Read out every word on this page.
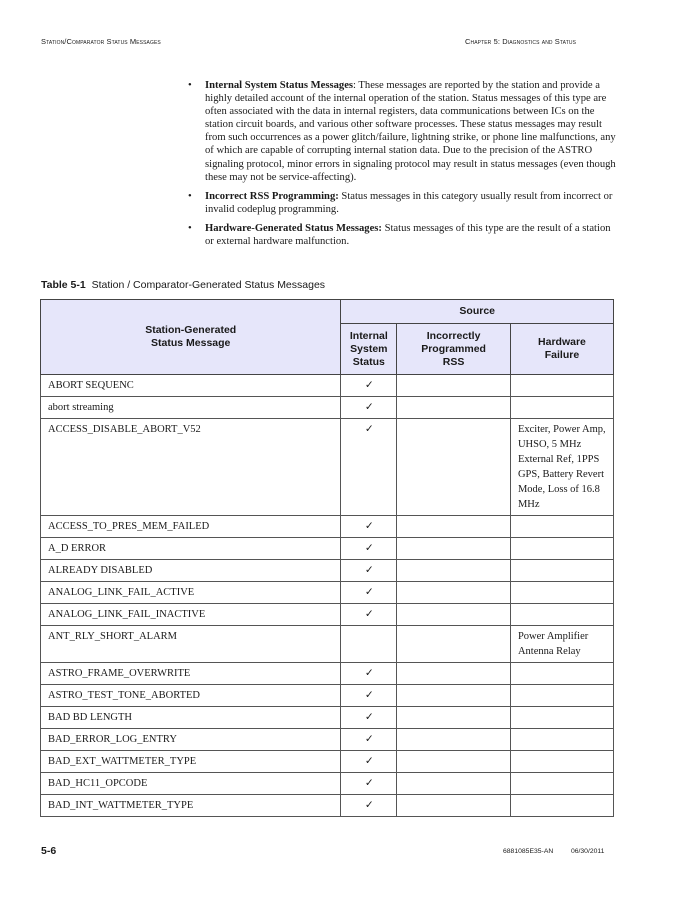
Station/Comparator Status Messages	Chapter 5: Diagnostics and Status
• Internal System Status Messages: These messages are reported by the station and provide a highly detailed account of the internal operation of the station. Status messages of this type are often associated with the data in internal registers, data communications between ICs on the station circuit boards, and various other software processes. These status messages may result from such occurrences as a power glitch/failure, lightning strike, or phone line malfunctions, any of which are capable of corrupting internal station data. Due to the precision of the ASTRO signaling protocol, minor errors in signaling protocol may result in status messages (even though these may not be service-affecting).
• Incorrect RSS Programming: Status messages in this category usually result from incorrect or invalid codeplug programming.
• Hardware-Generated Status Messages: Status messages of this type are the result of a station or external hardware malfunction.
Table 5-1 Station / Comparator-Generated Status Messages
Station-Generated Status Message	Source		
	Internal System Status	Incorrectly Programmed RSS	Hardware Failure
ABORT SEQUENC	✓		
abort streaming	✓		
ACCESS_DISABLE_ABORT_V52	✓		Exciter, Power Amp, UHSO, 5 MHz External Ref, 1PPS GPS, Battery Revert Mode, Loss of 16.8 MHz
ACCESS_TO_PRES_MEM_FAILED	✓		
A_D ERROR	✓		
ALREADY DISABLED	✓		
ANALOG_LINK_FAIL_ACTIVE	✓		
ANALOG_LINK_FAIL_INACTIVE	✓		
ANT_RLY_SHORT_ALARM			Power Amplifier Antenna Relay
ASTRO_FRAME_OVERWRITE	✓		
ASTRO_TEST_TONE_ABORTED	✓		
BAD BD LENGTH	✓		
BAD_ERROR_LOG_ENTRY	✓		
BAD_EXT_WATTMETER_TYPE	✓		
BAD_HC11_OPCODE	✓		
BAD_INT_WATTMETER_TYPE	✓		
5-6	6881085E35-AN	06/30/2011
